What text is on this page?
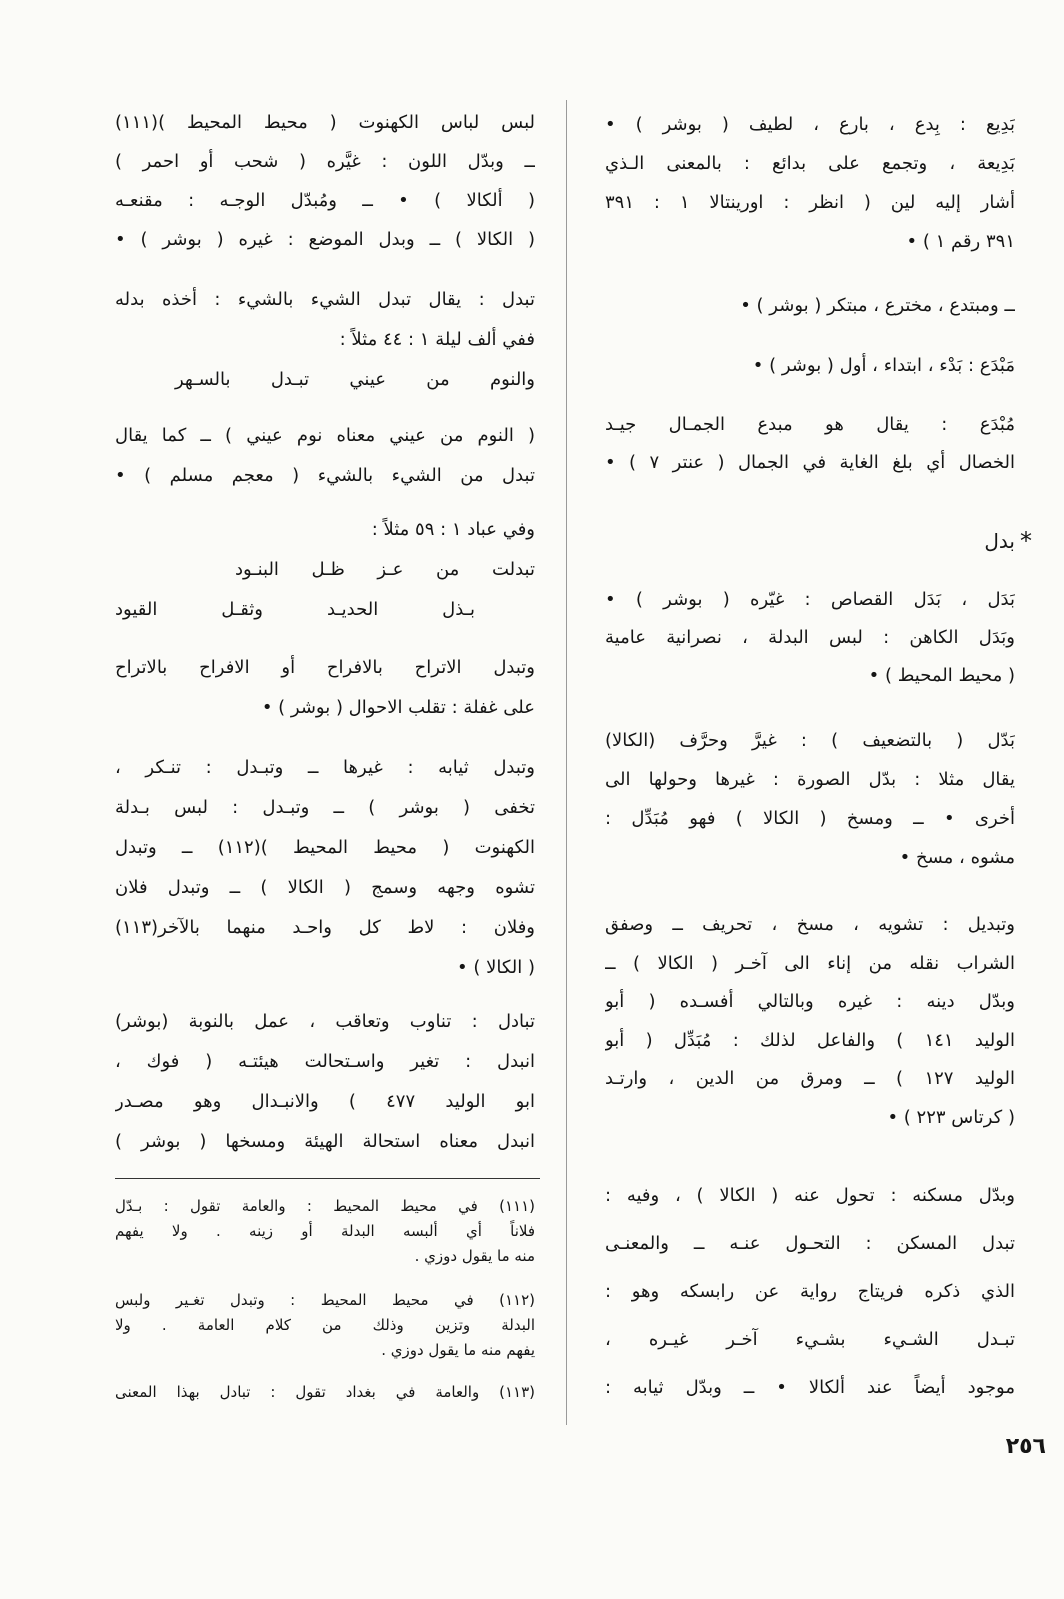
بَدِيع : بِدع ، بارع ، لطيف ( بوشر ) •
بَدِيعة ، وتجمع على بدائع : بالمعنى الـذي
أشار إليه لين ( انظر : اورينتالا ١ : ٣٩١
٣٩١ رقم ١ ) •
ــ ومبتدع ، مخترع ، مبتكر ( بوشر ) •
مَبْدَع : بَدْء ، ابتداء ، أول ( بوشر ) •
مُبْدَع : يقال هو مبدع الجمـال جيـد
الخصال أي بلغ الغاية في الجمال ( عنتر ٧ ) •
بدل
بَدَل ، بَدَل القصاص : غيّره ( بوشر ) •
وبَدَل الكاهن : لبس البدلة ، نصرانية عامية
( محيط المحيط ) •
بَدّل ( بالتضعيف ) : غيرَّ وحرَّف (الكالا)
يقال مثلا : بدّل الصورة : غيرها وحولها الى
أخرى • ــ ومسخ ( الكالا ) فهو مُبَدِّل :
مشوه ، مسخ •
وتبديل : تشويه ، مسخ ، تحريف ــ وصفق
الشراب نقله من إناء الى آخـر ( الكالا ) ــ
وبدّل دينه : غيره وبالتالي أفسـده ( أبو
الوليد ١٤١ ) والفاعل لذلك : مُبَدِّل ( أبو
الوليد ١٢٧ ) ــ ومرق من الدين ، وارتـد
( كرتاس ٢٢٣ ) •
وبدّل مسكنه : تحول عنه ( الكالا ) ، وفيه :
تبدل المسكن : التحـول عنـه ــ والمعنـى
الذي ذكره فريتاج رواية عن رابسكه وهو :
تبـدل الشـيء بشـيء آخـر غيـره ،
موجود أيضاً عند ألكالا • ــ وبدّل ثيابه :
*
لبس لباس الكهنوت ( محيط المحيط )(١١١)
ــ وبدّل اللون : غيَّره ( شحب أو احمر )
( ألكالا ) • ــ ومُبدّل الوجـه : مقنعـه
( الكالا ) ــ وبدل الموضع : غيره ( بوشر ) •
تبدل : يقال تبدل الشيء بالشيء : أخذه بدله
ففي ألف ليلة ١ : ٤٤ مثلاً :
والنوم من عيني تبـدل بالسـهر
( النوم من عيني معناه نوم عيني ) ــ كما يقال
تبدل من الشيء بالشيء ( معجم مسلم ) •
وفي عباد ١ : ٥٩ مثلاً :
تبدلت من عـز ظـل البنـود
بـذل الحديـد وثقـل القيود
وتبدل الاتراح بالافراح أو الافراح بالاتراح
على غفلة : تقلب الاحوال ( بوشر ) •
وتبدل ثيابه : غيرها ــ وتبـدل : تنـكر ،
تخفى ( بوشر ) ــ وتبـدل : لبس بـدلة
الكهنوت ( محيط المحيط )(١١٢) ــ وتبدل
تشوه وجهه وسمج ( الكالا ) ــ وتبدل فلان
وفلان : لاط كل واحـد منهما بالآخر(١١٣)
( الكالا ) •
تبادل : تناوب وتعاقب ، عمل بالنوبة (بوشر)
انبدل : تغير واسـتحالت هيئتـه ( فوك ،
ابو الوليد ٤٧٧ ) والانبـدال وهو مصـدر
انبدل معناه استحالة الهيئة ومسخها ( بوشر )
(١١١) في محيط المحيط : والعامة تقول : بـدّل
فلاناً أي ألبسه البدلة أو زينه . ولا يفهم
منه ما يقول دوزي .
(١١٢) في محيط المحيط : وتبدل تغـير ولبس
البدلة وتزين وذلك من كلام العامة . ولا
يفهم منه ما يقول دوزي .
(١١٣) والعامة في بغداد تقول : تبادل بهذا المعنى
٢٥٦
